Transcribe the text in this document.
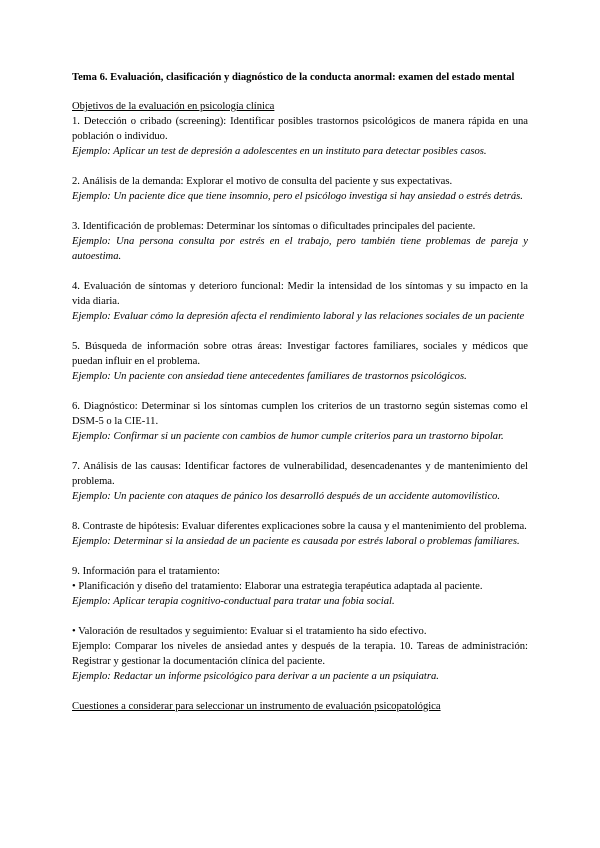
Tema 6. Evaluación, clasificación y diagnóstico de la conducta anormal: examen del estado mental

Objetivos de la evaluación en psicología clínica

1. Detección o cribado (screening): Identificar posibles trastornos psicológicos de manera rápida en una población o individuo.

Ejemplo: Aplicar un test de depresión a adolescentes en un instituto para detectar posibles casos.

2. Análisis de la demanda: Explorar el motivo de consulta del paciente y sus expectativas.

Ejemplo: Un paciente dice que tiene insomnio, pero el psicólogo investiga si hay ansiedad o estrés detrás.

3. Identificación de problemas: Determinar los síntomas o dificultades principales del paciente.

Ejemplo: Una persona consulta por estrés en el trabajo, pero también tiene problemas de pareja y autoestima.

4. Evaluación de síntomas y deterioro funcional: Medir la intensidad de los síntomas y su impacto en la vida diaria.

Ejemplo: Evaluar cómo la depresión afecta el rendimiento laboral y las relaciones sociales de un paciente

5. Búsqueda de información sobre otras áreas: Investigar factores familiares, sociales y médicos que puedan influir en el problema.

Ejemplo: Un paciente con ansiedad tiene antecedentes familiares de trastornos psicológicos.

6. Diagnóstico: Determinar si los síntomas cumplen los criterios de un trastorno según sistemas como el DSM-5 o la CIE-11.

Ejemplo: Confirmar si un paciente con cambios de humor cumple criterios para un trastorno bipolar.

7. Análisis de las causas: Identificar factores de vulnerabilidad, desencadenantes y de mantenimiento del problema.

Ejemplo: Un paciente con ataques de pánico los desarrolló después de un accidente automovilístico.

8. Contraste de hipótesis: Evaluar diferentes explicaciones sobre la causa y el mantenimiento del problema.

Ejemplo: Determinar si la ansiedad de un paciente es causada por estrés laboral o problemas familiares.

9. Información para el tratamiento:
• Planificación y diseño del tratamiento: Elaborar una estrategia terapéutica adaptada al paciente.

Ejemplo: Aplicar terapia cognitivo-conductual para tratar una fobia social.

• Valoración de resultados y seguimiento: Evaluar si el tratamiento ha sido efectivo.
Ejemplo: Comparar los niveles de ansiedad antes y después de la terapia. 10. Tareas de administración: Registrar y gestionar la documentación clínica del paciente.

Ejemplo: Redactar un informe psicológico para derivar a un paciente a un psiquiatra.

Cuestiones a considerar para seleccionar un instrumento de evaluación psicopatológica
